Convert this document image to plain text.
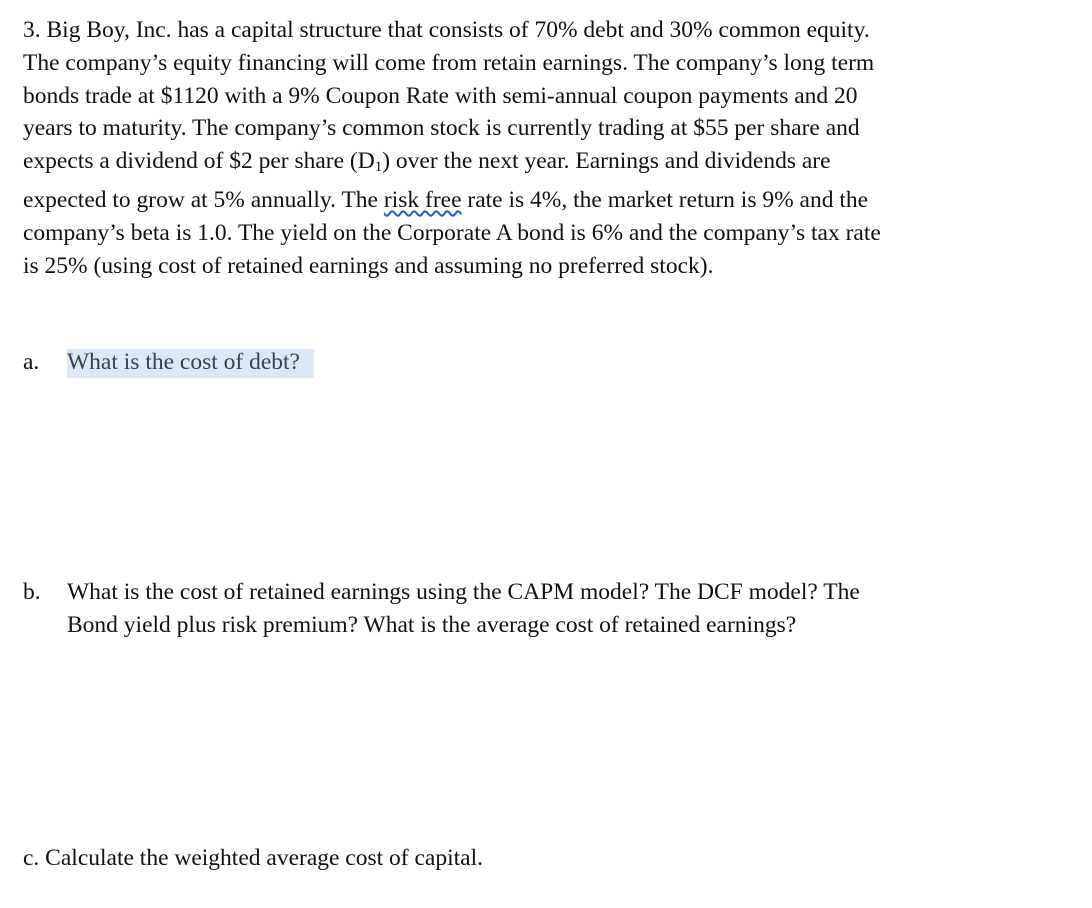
3. Big Boy, Inc. has a capital structure that consists of 70% debt and 30% common equity.
The company’s equity financing will come from retain earnings. The company’s long term
bonds trade at $1120 with a 9% Coupon Rate with semi-annual coupon payments and 20
years to maturity. The company’s common stock is currently trading at $55 per share and
expects a dividend of $2 per share $(D_1)$ over the next year. Earnings and dividends are
expected to grow at 5% annually. The risk free rate is 4%, the market return is 9% and the
company’s beta is 1.0. The yield on the Corporate A bond is 6% and the company’s tax rate
is 25% (using cost of retained earnings and assuming no preferred stock).
a. What is the cost of debt?
b. What is the cost of retained earnings using the CAPM model? The DCF model? The
Bond yield plus risk premium? What is the average cost of retained earnings?
c. Calculate the weighted average cost of capital.
